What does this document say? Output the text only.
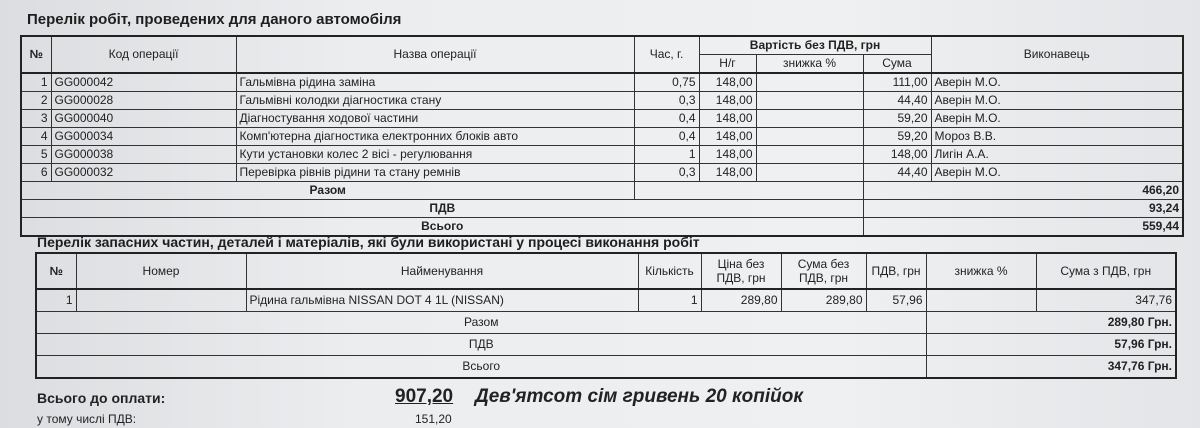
Перелік робіт, проведених для даного автомобіля
№	Код операції	Назва операції	Час, г.	Вартість без ПДВ, грн			Виконавець
				Н/г	знижка %	Сума	
1	GG000042	Гальмівна рідина заміна	0,75	148,00		111,00	Аверін М.О.
2	GG000028	Гальмівні колодки діагностика стану	0,3	148,00		44,40	Аверін М.О.
3	GG000040	Діагностування ходової частини	0,4	148,00		59,20	Аверін М.О.
4	GG000034	Комп'ютерна діагностика електронних блоків авто	0,4	148,00		59,20	Мороз В.В.
5	GG000038	Кути установки колес 2 вісі - регулювання	1	148,00		148,00	Лигін А.А.
6	GG000032	Перевірка рівнів рідини та стану ремнів	0,3	148,00		44,40	Аверін М.О.
Разом						466,20	
ПДВ						93,24	
Всього						559,44	
Перелік запасних частин, деталей і матеріалів, які були використані у процесі виконання робіт
№	Номер	Найменування	Кількість	Ціна без ПДВ, грн	Сума без ПДВ, грн	ПДВ, грн	знижка %	Сума з ПДВ, грн
1		Рідина гальмівна NISSAN DOT 4 1L (NISSAN)	1	289,80	289,80	57,96		347,76
Разом							289,80 Грн.	
ПДВ							57,96 Грн.	
Всього							347,76 Грн.	
Всього до оплати:	907,20 Дев'ятсот сім гривень 20 копійок
у тому числі ПДВ:	151,20
